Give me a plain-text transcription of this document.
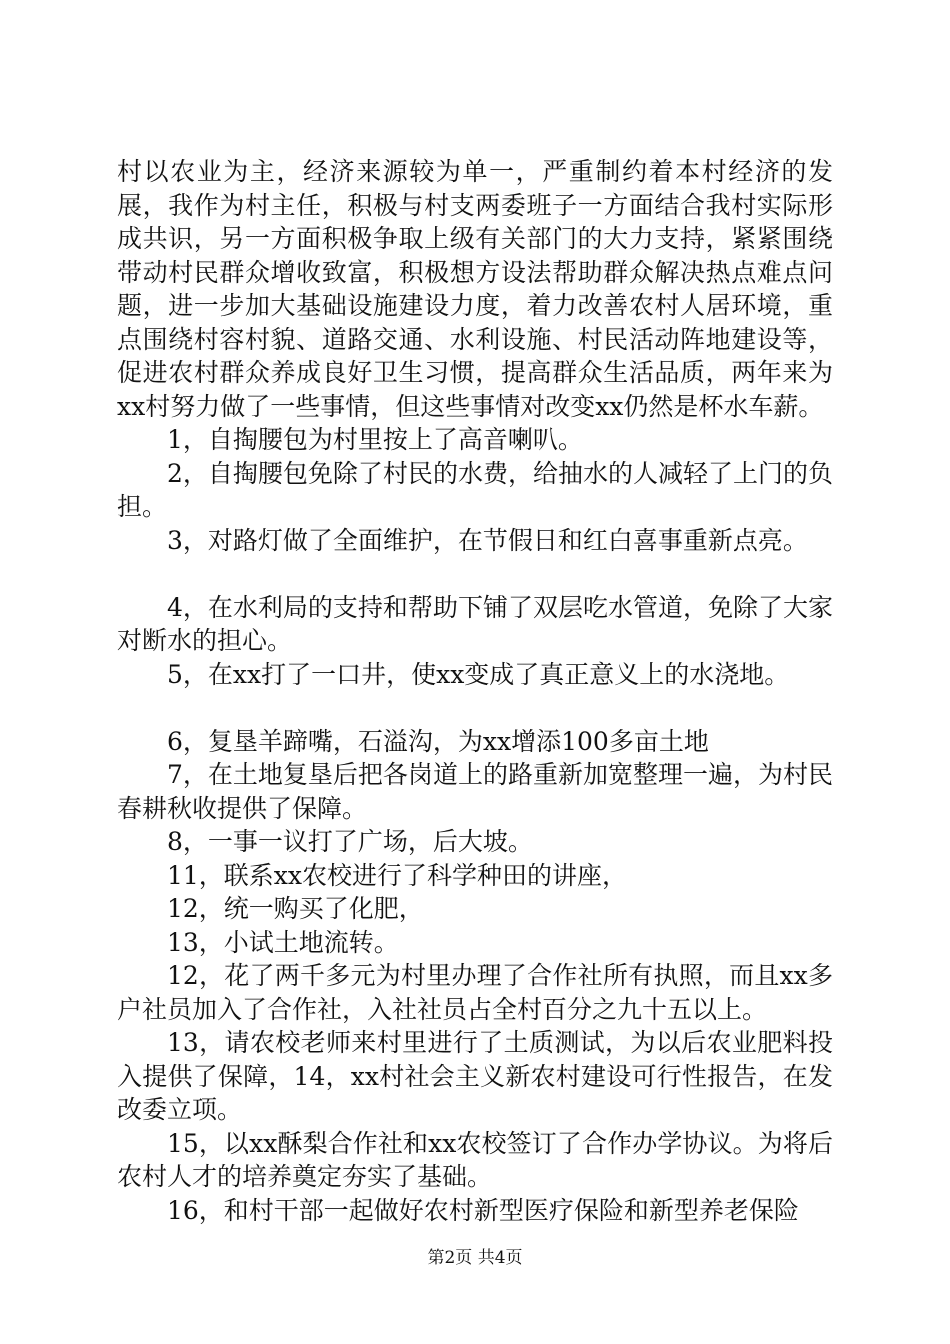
村以农业为主，经济来源较为单一，严重制约着本村经济的发展，我作为村主任，积极与村支两委班子一方面结合我村实际形成共识，另一方面积极争取上级有关部门的大力支持，紧紧围绕带动村民群众增收致富，积极想方设法帮助群众解决热点难点问题，进一步加大基础设施建设力度，着力改善农村人居环境，重点围绕村容村貌、道路交通、水利设施、村民活动阵地建设等，促进农村群众养成良好卫生习惯，提高群众生活品质，两年来为xx村努力做了一些事情，但这些事情对改变xx仍然是杯水车薪。

1，自掏腰包为村里按上了高音喇叭。

2，自掏腰包免除了村民的水费，给抽水的人减轻了上门的负担。

3，对路灯做了全面维护，在节假日和红白喜事重新点亮。

4，在水利局的支持和帮助下铺了双层吃水管道，免除了大家对断水的担心。

5，在xx打了一口井，使xx变成了真正意义上的水浇地。

6，复垦羊蹄嘴，石溢沟，为xx增添100多亩土地

7，在土地复垦后把各岗道上的路重新加宽整理一遍，为村民春耕秋收提供了保障。

8，一事一议打了广场，后大坡。

11，联系xx农校进行了科学种田的讲座，

12，统一购买了化肥，

13，小试土地流转。

12，花了两千多元为村里办理了合作社所有执照，而且xx多户社员加入了合作社，入社社员占全村百分之九十五以上。

13，请农校老师来村里进行了土质测试，为以后农业肥料投入提供了保障，14，xx村社会主义新农村建设可行性报告，在发改委立项。

15，以xx酥梨合作社和xx农校签订了合作办学协议。为将后农村人才的培养奠定夯实了基础。

16，和村干部一起做好农村新型医疗保险和新型养老保险

第2页 共4页
